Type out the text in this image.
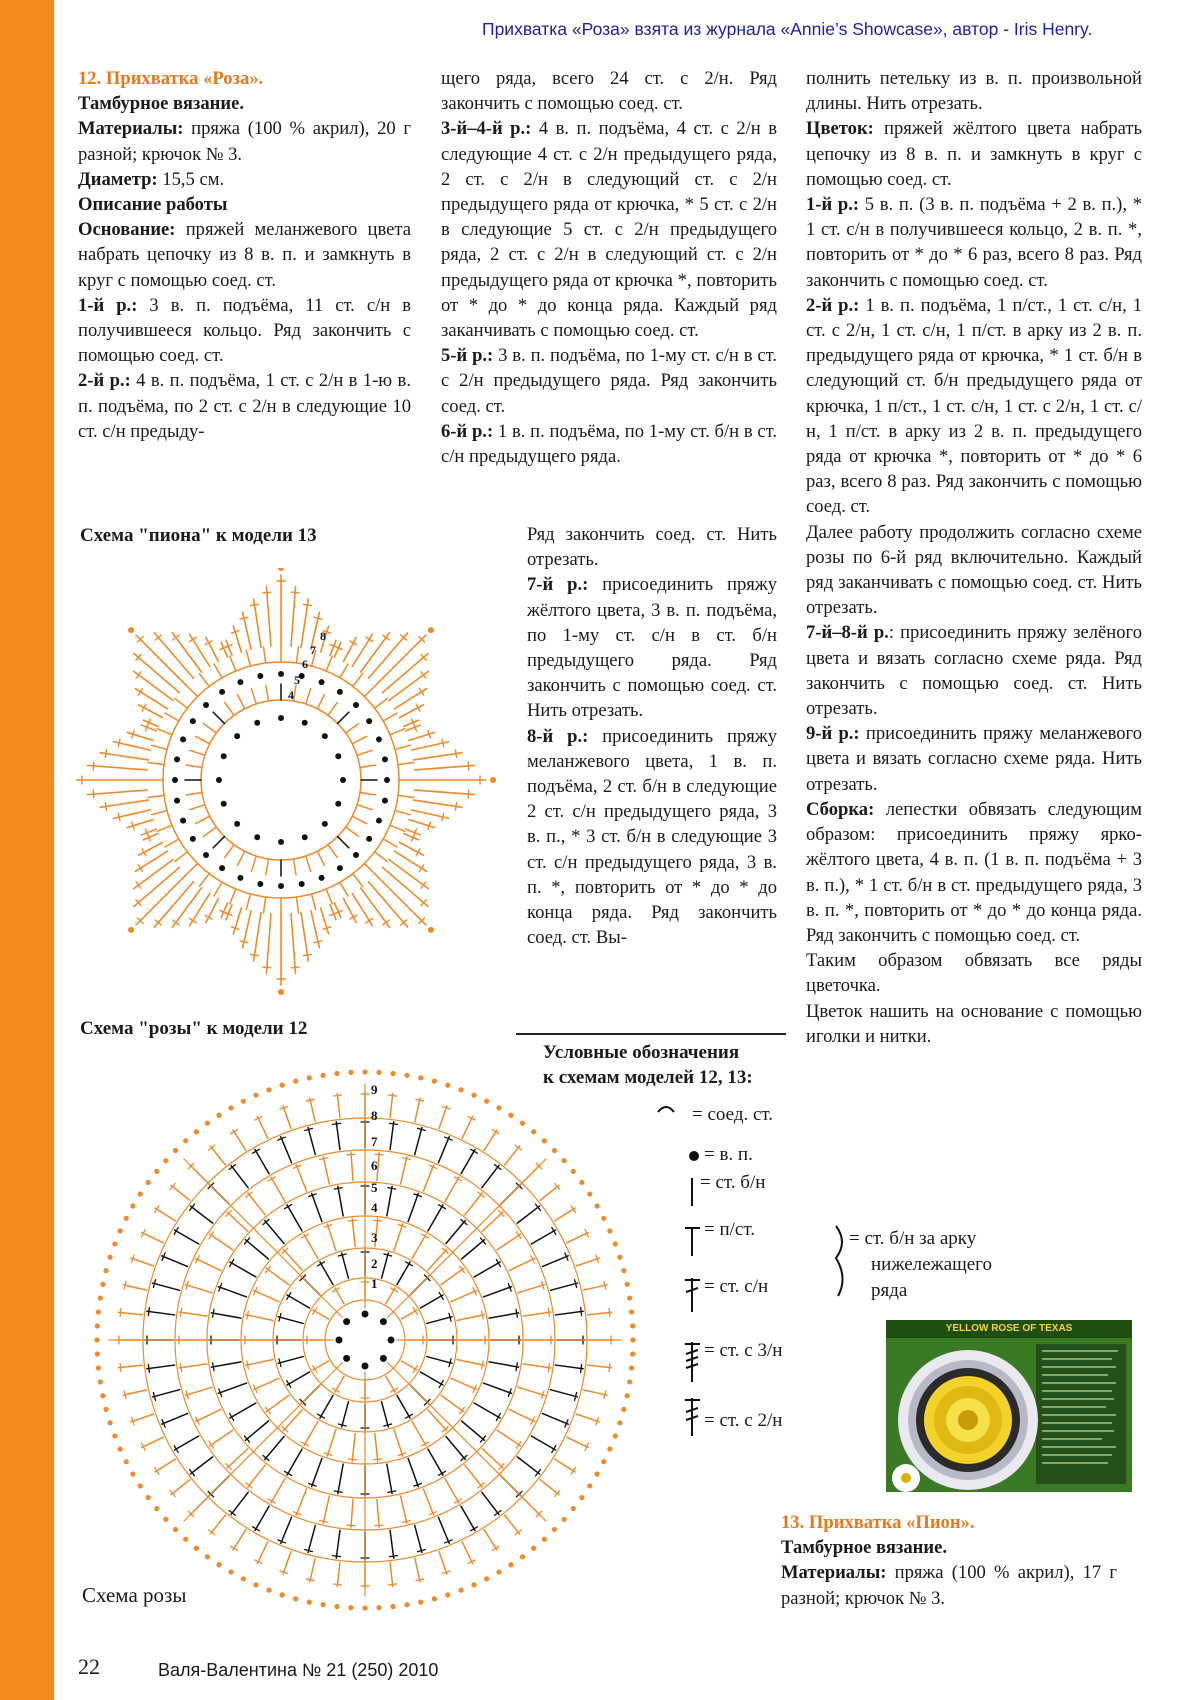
Прихватка «Роза» взята из журнала «Annie’s Showcase», автор - Iris Henry.

12. Прихватка «Роза».

Тамбурное вязание.

Материалы: пряжа (100 % акрил), 20 г разной; крючок № 3.

Диаметр: 15,5 см.

Описание работы

Основание: пряжей меланжевого цвета набрать цепочку из 8 в. п. и замкнуть в круг с помощью соед. ст.

1-й р.: 3 в. п. подъёма, 11 ст. с/н в получившееся кольцо. Ряд закончить с помощью соед. ст.

2-й р.: 4 в. п. подъёма, 1 ст. с 2/н в 1-ю в. п. подъёма, по 2 ст. с 2/н в следующие 10 ст. с/н предыду-

щего ряда, всего 24 ст. с 2/н. Ряд закончить с помощью соед. ст.

3-й–4-й р.: 4 в. п. подъёма, 4 ст. с 2/н в следующие 4 ст. с 2/н предыдущего ряда, 2 ст. с 2/н в следующий ст. с 2/н предыдущего ряда от крючка, * 5 ст. с 2/н в следующие 5 ст. с 2/н предыдущего ряда, 2 ст. с 2/н в следующий ст. с 2/н предыдущего ряда от крючка *, повторить от * до * до конца ряда. Каждый ряд заканчивать с помощью соед. ст.

5-й р.: 3 в. п. подъёма, по 1-му ст. с/н в ст. с 2/н предыдущего ряда. Ряд закончить соед. ст.

6-й р.: 1 в. п. подъёма, по 1-му ст. б/н в ст. с/н предыдущего ряда.

Ряд закончить соед. ст. Нить отрезать.

7-й р.: присоединить пряжу жёлтого цвета, 3 в. п. подъёма, по 1-му ст. с/н в ст. б/н предыдущего ряда. Ряд закончить с помощью соед. ст. Нить отрезать.

8-й р.: присоединить пряжу меланжевого цвета, 1 в. п. подъёма, 2 ст. б/н в следующие 2 ст. с/н предыдущего ряда, 3 в. п., * 3 ст. б/н в следующие 3 ст. с/н предыдущего ряда, 3 в. п. *, повторить от * до * до конца ряда. Ряд закончить соед. ст. Вы-

полнить петельку из в. п. произвольной длины. Нить отрезать.

Цветок: пряжей жёлтого цвета набрать цепочку из 8 в. п. и замкнуть в круг с помощью соед. ст.

1-й р.: 5 в. п. (3 в. п. подъёма + 2 в. п.), * 1 ст. с/н в получившееся кольцо, 2 в. п. *, повторить от * до * 6 раз, всего 8 раз. Ряд закончить с помощью соед. ст.

2-й р.: 1 в. п. подъёма, 1 п/ст., 1 ст. с/н, 1 ст. с 2/н, 1 ст. с/н, 1 п/ст. в арку из 2 в. п. предыдущего ряда от крючка, * 1 ст. б/н в следующий ст. б/н предыдущего ряда от крючка, 1 п/ст., 1 ст. с/н, 1 ст. с 2/н, 1 ст. с/н, 1 п/ст. в арку из 2 в. п. предыдущего ряда от крючка *, повторить от * до * 6 раз, всего 8 раз. Ряд закончить с помощью соед. ст.

Далее работу продолжить согласно схеме розы по 6-й ряд включительно. Каждый ряд заканчивать с помощью соед. ст. Нить отрезать.

7-й–8-й р.: присоединить пряжу зелёного цвета и вязать согласно схеме ряда. Ряд закончить с помощью соед. ст. Нить отрезать.

9-й р.: присоединить пряжу меланжевого цвета и вязать согласно схеме ряда. Нить отрезать.

Сборка: лепестки обвязать следующим образом: присоединить пряжу ярко-жёлтого цвета, 4 в. п. (1 в. п. подъёма + 3 в. п.), * 1 ст. б/н в ст. предыдущего ряда, 3 в. п. *, повторить от * до * до конца ряда. Ряд закончить с помощью соед. ст.

Таким образом обвязать все ряды цветочка.

Цветок нашить на основание с помощью иголки и нитки.

Схема "пиона" к модели 13
8
7
6
5
4
Схема "розы" к модели 12
1
2
3
4
5
6
7
8
9
Схема розы
Условные обозначения
к схемам моделей 12, 13:
= соед. ст.
= в. п.
= ст. б/н
= п/ст.
= ст. с/н
= ст. с 3/н
= ст. с 2/н
= ст. б/н за арку
нижележащего
ряда
YELLOW ROSE OF TEXAS

13. Прихватка «Пион».

Тамбурное вязание.

Материалы: пряжа (100 % акрил), 17 г разной; крючок № 3.

22	Валя-Валентина № 21 (250) 2010
